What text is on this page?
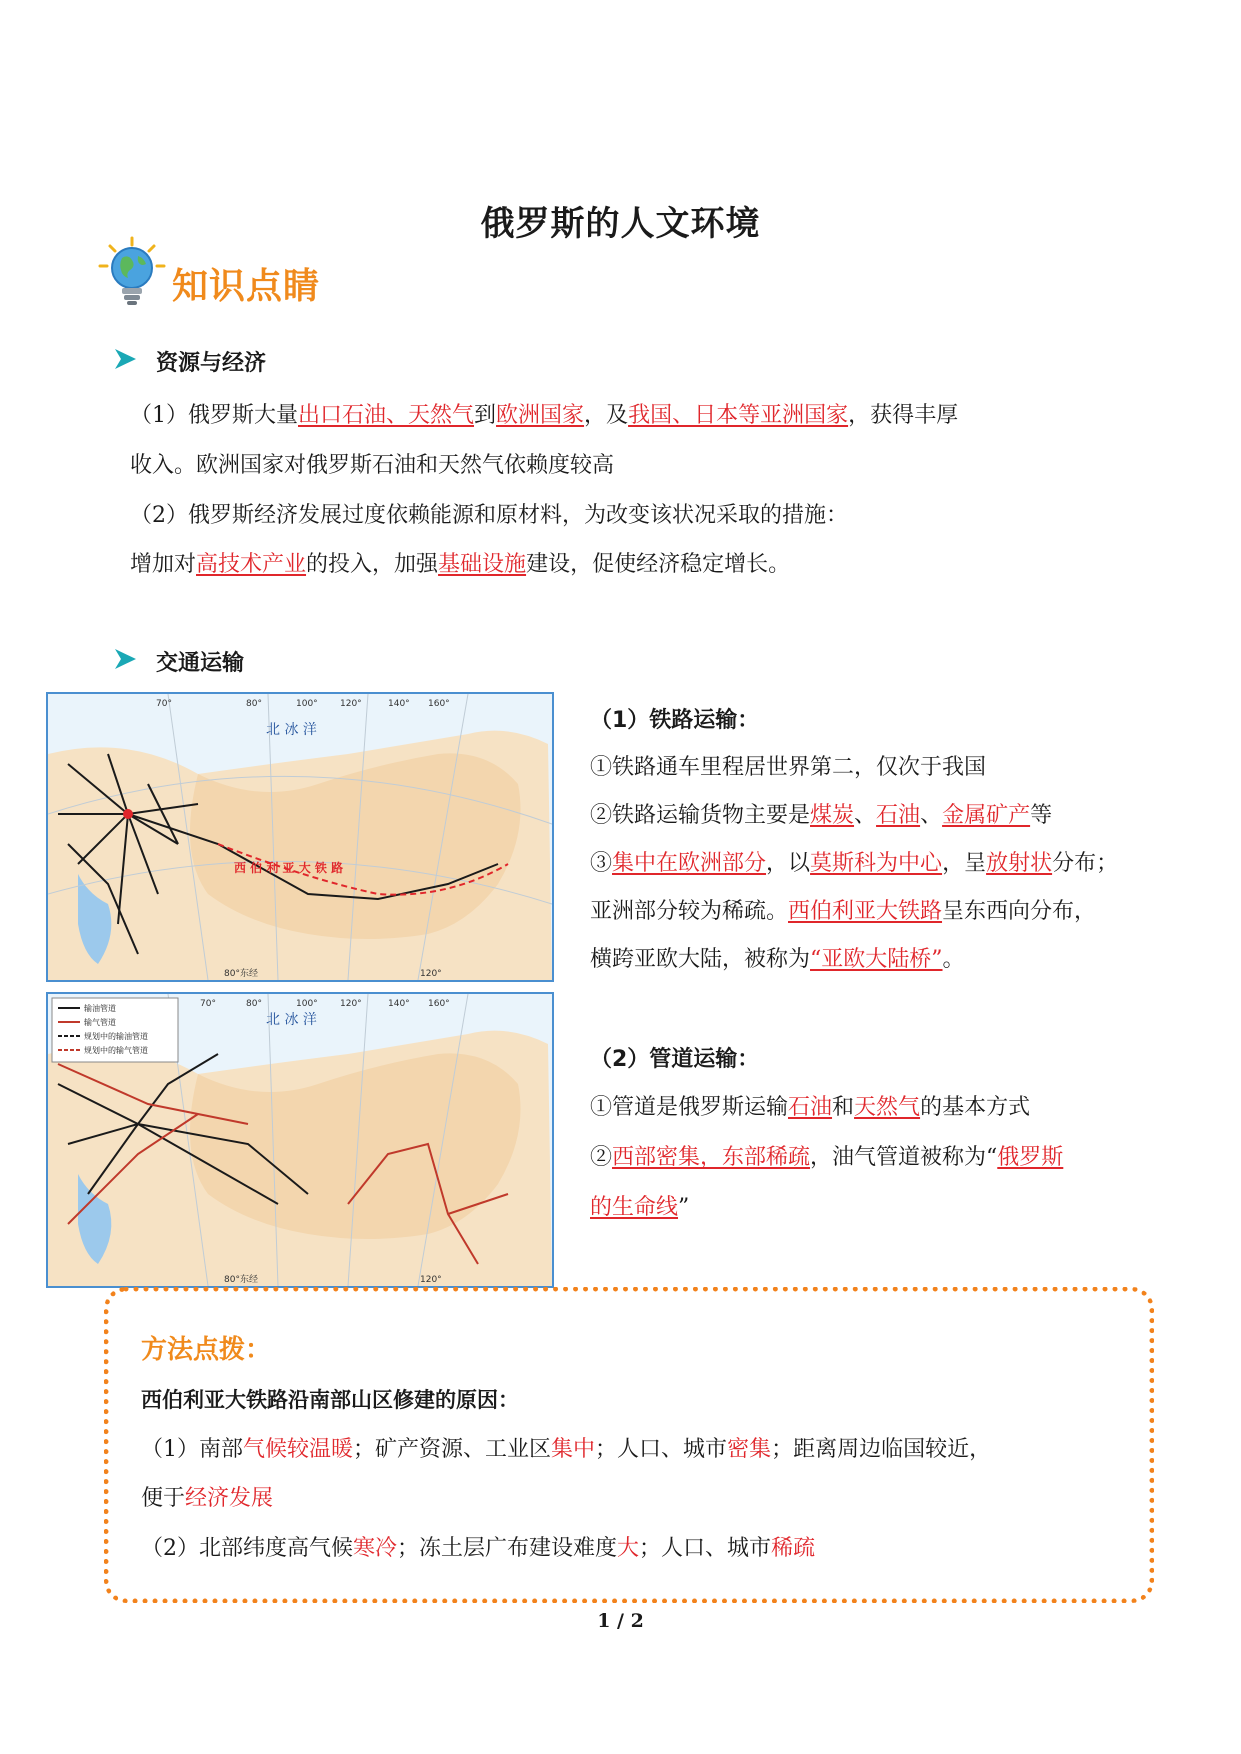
俄罗斯的人文环境
知识点睛
资源与经济
（1）俄罗斯大量出口石油、天然气到欧洲国家，及我国、日本等亚洲国家，获得丰厚
收入。欧洲国家对俄罗斯石油和天然气依赖度较高
（2）俄罗斯经济发展过度依赖能源和原材料，为改变该状况采取的措施：
增加对高技术产业的投入，加强基础设施建设，促使经济稳定增长。
交通运输
北 冰 洋
70°	80°	100° 120°	140° 160°
80°东经	120°
西 伯 利 亚 大 铁 路
输油管道
输气管道
规划中的输油管道
规划中的输气管道
北 冰 洋
70°	80°	100° 120°	140° 160°
80°东经	120°
（1）铁路运输：
①铁路通车里程居世界第二，仅次于我国
②铁路运输货物主要是煤炭、石油、金属矿产等
③集中在欧洲部分，以莫斯科为中心，呈放射状分布；
亚洲部分较为稀疏。西伯利亚大铁路呈东西向分布，
横跨亚欧大陆，被称为“亚欧大陆桥”。
（2）管道运输：
①管道是俄罗斯运输石油和天然气的基本方式
②西部密集，东部稀疏，油气管道被称为“俄罗斯
的生命线”
方法点拨：
西伯利亚大铁路沿南部山区修建的原因：
（1）南部气候较温暖；矿产资源、工业区集中；人口、城市密集；距离周边临国较近，
便于经济发展
（2）北部纬度高气候寒冷；冻土层广布建设难度大；人口、城市稀疏
1 / 2
